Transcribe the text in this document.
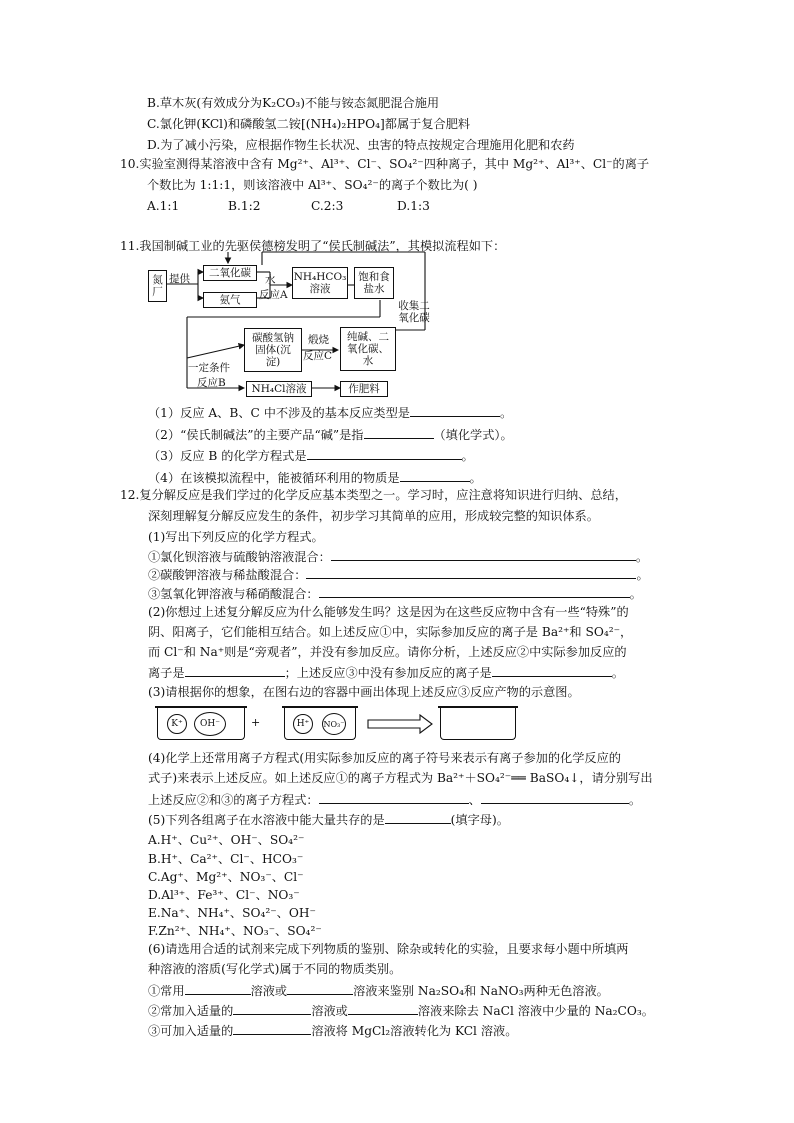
B.草木灰(有效成分为K₂CO₃)不能与铵态氮肥混合施用
C.氯化钾(KCl)和磷酸氢二铵[(NH₄)₂HPO₄]都属于复合肥料
D.为了减小污染，应根据作物生长状况、虫害的特点按规定合理施用化肥和农药
10.实验室测得某溶液中含有 Mg²⁺、Al³⁺、Cl⁻、SO₄²⁻四种离子，其中 Mg²⁺、Al³⁺、Cl⁻的离子
个数比为 1:1:1，则该溶液中 Al³⁺、SO₄²⁻的离子个数比为( )
A.1:1	B.1:2	C.2:3	D.1:3
11.我国制碱工业的先驱侯德榜发明了“侯氏制碱法”，其模拟流程如下：
氮厂
提供	二氧化碳
氨气
水
反应A
NH₄HCO₃溶液
饱和食盐水
收集二氧化碳
碳酸氢钠固体(沉淀)
煅烧
反应C
纯碱、二氧化碳、水
一定条件
反应B	NH₄Cl溶液	作肥料
（1）反应 A、B、C 中不涉及的基本反应类型是	。
（2）“侯氏制碱法”的主要产品“碱”是指	（填化学式）。
（3）反应 B 的化学方程式是	。
（4）在该模拟流程中，能被循环利用的物质是	。
12.复分解反应是我们学过的化学反应基本类型之一。学习时，应注意将知识进行归纳、总结，
深刻理解复分解反应发生的条件，初步学习其简单的应用，形成较完整的知识体系。
(1)写出下列反应的化学方程式。
①氯化钡溶液与硫酸钠溶液混合：	。
②碳酸钾溶液与稀盐酸混合：	。
③氢氧化钾溶液与稀硝酸混合：	。
(2)你想过上述复分解反应为什么能够发生吗？这是因为在这些反应物中含有一些“特殊”的
阴、阳离子，它们能相互结合。如上述反应①中，实际参加反应的离子是 Ba²⁺和 SO₄²⁻，
而 Cl⁻和 Na⁺则是“旁观者”，并没有参加反应。请你分析，上述反应②中实际参加反应的
离子是	；上述反应③中没有参加反应的离子是	。
(3)请根据你的想象，在图右边的容器中画出体现上述反应③反应产物的示意图。
K⁺	OH⁻	+	H⁺	NO₃⁻
(4)化学上还常用离子方程式(用实际参加反应的离子符号来表示有离子参加的化学反应的
式子)来表示上述反应。如上述反应①的离子方程式为 Ba²⁺＋SO₄²⁻══ BaSO₄↓，请分别写出
上述反应②和③的离子方程式：	、	。
(5)下列各组离子在水溶液中能大量共存的是	(填字母)。
A.H⁺、Cu²⁺、OH⁻、SO₄²⁻
B.H⁺、Ca²⁺、Cl⁻、HCO₃⁻
C.Ag⁺、Mg²⁺、NO₃⁻、Cl⁻
D.Al³⁺、Fe³⁺、Cl⁻、NO₃⁻
E.Na⁺、NH₄⁺、SO₄²⁻、OH⁻
F.Zn²⁺、NH₄⁺、NO₃⁻、SO₄²⁻
(6)请选用合适的试剂来完成下列物质的鉴别、除杂或转化的实验，且要求每小题中所填两
种溶液的溶质(写化学式)属于不同的物质类别。
①常用	溶液或	溶液来鉴别 Na₂SO₄和 NaNO₃两种无色溶液。
②常加入适量的	溶液或	溶液来除去 NaCl 溶液中少量的 Na₂CO₃。
③可加入适量的	溶液将 MgCl₂溶液转化为 KCl 溶液。
